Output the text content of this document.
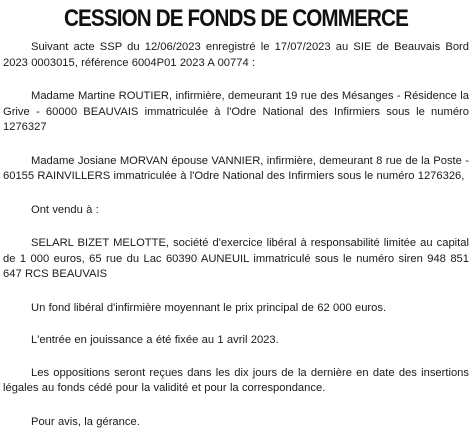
CESSION DE FONDS DE COMMERCE

Suivant acte SSP du 12/06/2023 enregistré le 17/07/2023 au SIE de Beauvais Bord 2023 0003015, référence 6004P01 2023 A 00774 :

Madame Martine ROUTIER, infirmière, demeurant 19 rue des Mésanges - Résidence la Grive - 60000 BEAUVAIS immatriculée à l'Odre National des Infirmiers sous le numéro 1276327

Madame Josiane MORVAN épouse VANNIER, infirmière, demeurant 8 rue de la Poste - 60155 RAINVILLERS immatriculée à l'Odre National des Infirmiers sous le numéro 1276326,

Ont vendu à :

SELARL BIZET MELOTTE, société d'exercice libéral à responsabilité limitée au capital de 1 000 euros, 65 rue du Lac 60390 AUNEUIL immatriculé sous le numéro siren 948 851 647 RCS BEAUVAIS

Un fond libéral d'infirmière moyennant le prix principal de 62 000 euros.

L'entrée en jouissance a été fixée au 1 avril 2023.

Les oppositions seront reçues dans les dix jours de la dernière en date des insertions légales au fonds cédé pour la validité et pour la correspondance.

Pour avis, la gérance.
